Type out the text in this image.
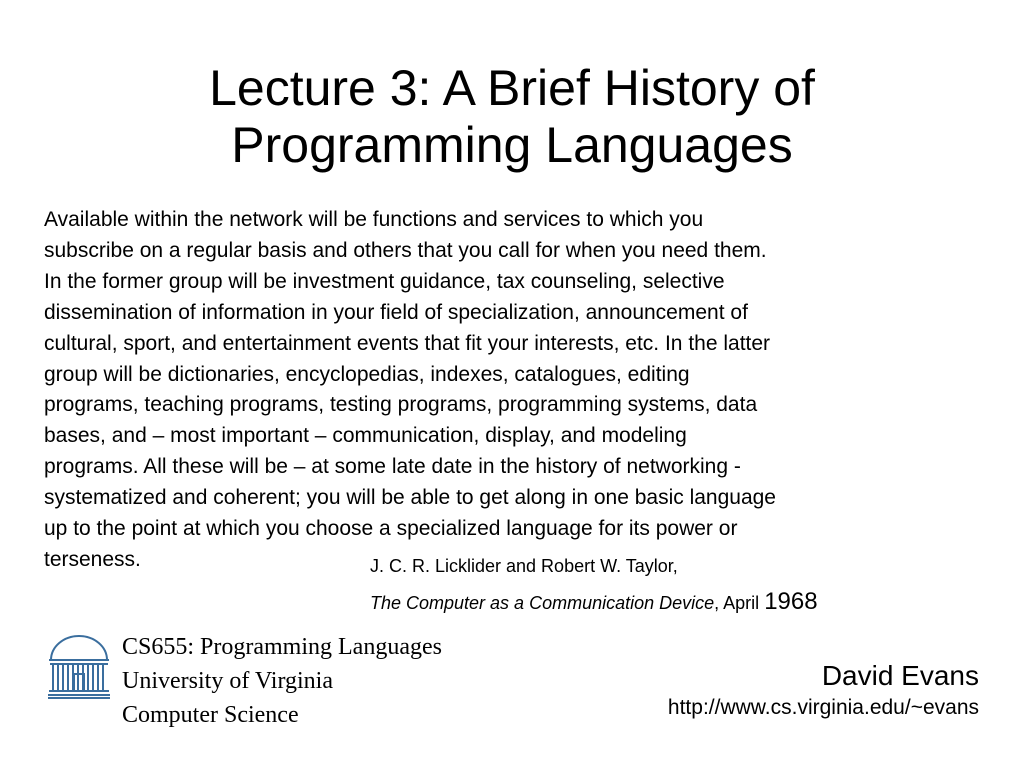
Lecture 3: A Brief History of
Programming Languages
Available within the network will be functions and services to which you
subscribe on a regular basis and others that you call for when you need them.
In the former group will be investment guidance, tax counseling, selective
dissemination of information in your field of specialization, announcement of
cultural, sport, and entertainment events that fit your interests, etc. In the latter
group will be dictionaries, encyclopedias, indexes, catalogues, editing
programs, teaching programs, testing programs, programming systems, data
bases, and – most important – communication, display, and modeling
programs. All these will be – at some late date in the history of networking -
systematized and coherent; you will be able to get along in one basic language
up to the point at which you choose a specialized language for its power or
terseness.	J. C. R. Licklider and Robert W. Taylor,
The Computer as a Communication Device, April 1968
CS655: Programming Languages
University of Virginia
Computer Science
David Evans
http://www.cs.virginia.edu/~evans
